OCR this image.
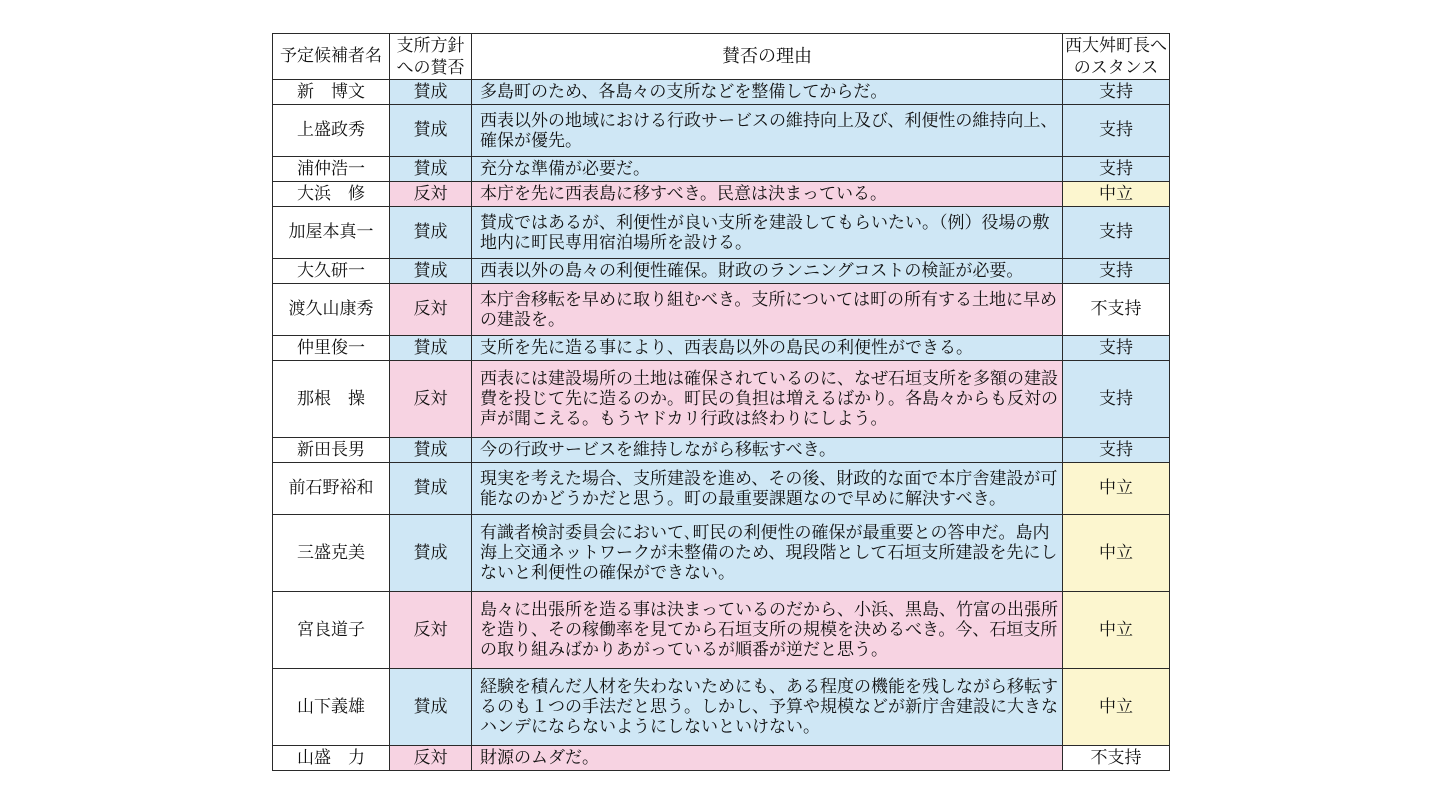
予定候補者名	支所方針への賛否	賛否の理由	西大舛町長へのスタンス
新　博文	賛成	多島町のため、各島々の支所などを整備してからだ。	支持
上盛政秀	賛成	西表以外の地域における行政サービスの維持向上及び、利便性の維持向上、確保が優先。	支持
浦仲浩一	賛成	充分な準備が必要だ。	支持
大浜　修	反対	本庁を先に西表島に移すべき。民意は決まっている。	中立
加屋本真一	賛成	賛成ではあるが、利便性が良い支所を建設してもらいたい。（例）役場の敷地内に町民専用宿泊場所を設ける。	支持
大久研一	賛成	西表以外の島々の利便性確保。財政のランニングコストの検証が必要。	支持
渡久山康秀	反対	本庁舎移転を早めに取り組むべき。支所については町の所有する土地に早めの建設を。	不支持
仲里俊一	賛成	支所を先に造る事により、西表島以外の島民の利便性ができる。	支持
那根　操	反対	西表には建設場所の土地は確保されているのに、なぜ石垣支所を多額の建設費を投じて先に造るのか。町民の負担は増えるばかり。各島々からも反対の声が聞こえる。もうヤドカリ行政は終わりにしよう。	支持
新田長男	賛成	今の行政サービスを維持しながら移転すべき。	支持
前石野裕和	賛成	現実を考えた場合、支所建設を進め、その後、財政的な面で本庁舎建設が可能なのかどうかだと思う。町の最重要課題なので早めに解決すべき。	中立
三盛克美	賛成	有識者検討委員会において､町民の利便性の確保が最重要との答申だ。島内海上交通ネットワークが未整備のため、現段階として石垣支所建設を先にしないと利便性の確保ができない。	中立
宮良道子	反対	島々に出張所を造る事は決まっているのだから、小浜、黒島、竹富の出張所を造り、その稼働率を見てから石垣支所の規模を決めるべき。今、石垣支所の取り組みばかりあがっているが順番が逆だと思う。	中立
山下義雄	賛成	経験を積んだ人材を失わないためにも、ある程度の機能を残しながら移転するのも１つの手法だと思う。しかし、予算や規模などが新庁舎建設に大きなハンデにならないようにしないといけない。	中立
山盛　力	反対	財源のムダだ。	不支持
